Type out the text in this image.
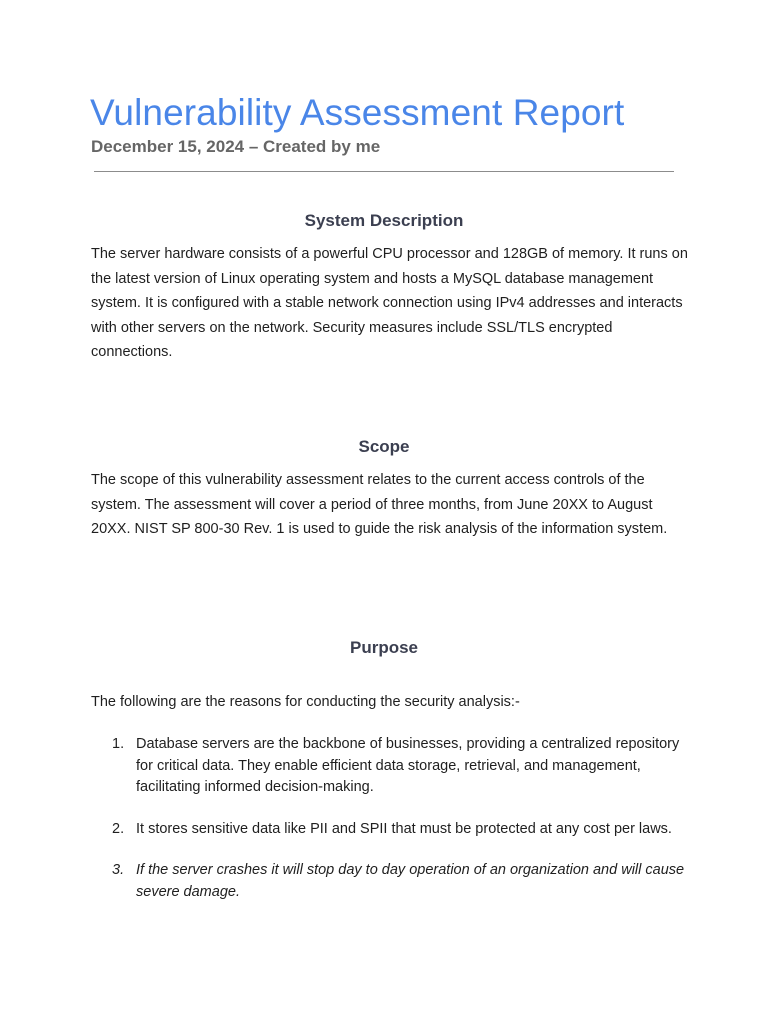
Vulnerability Assessment Report

December 15, 2024 – Created by me

System Description

The server hardware consists of a powerful CPU processor and 128GB of memory. It runs on the latest version of Linux operating system and hosts a MySQL database management system. It is configured with a stable network connection using IPv4 addresses and interacts with other servers on the network. Security measures include SSL/TLS encrypted connections.

Scope

The scope of this vulnerability assessment relates to the current access controls of the system. The assessment will cover a period of three months, from June 20XX to August 20XX. NIST SP 800-30 Rev. 1 is used to guide the risk analysis of the information system.

Purpose

The following are the reasons for conducting the security analysis:-

1. Database servers are the backbone of businesses, providing a centralized repository for critical data. They enable efficient data storage, retrieval, and management, facilitating informed decision-making.
2. It stores sensitive data like PII and SPII that must be protected at any cost per laws.
3. If the server crashes it will stop day to day operation of an organization and will cause severe damage.
